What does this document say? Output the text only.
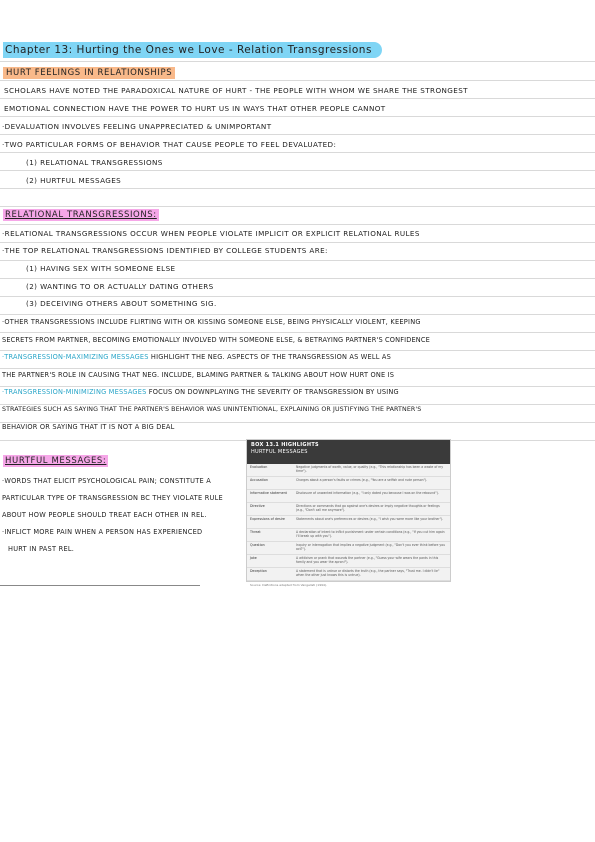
Chapter 13: Hurting the Ones we Love - Relation Transgressions
HURT FEELINGS IN RELATIONSHIPS
SCHOLARS HAVE NOTED THE PARADOXICAL NATURE OF HURT - THE PEOPLE WITH WHOM WE SHARE THE STRONGEST
EMOTIONAL CONNECTION HAVE THE POWER TO HURT US IN WAYS THAT OTHER PEOPLE CANNOT
·DEVALUATION INVOLVES FEELING UNAPPRECIATED & UNIMPORTANT
·TWO PARTICULAR FORMS OF BEHAVIOR THAT CAUSE PEOPLE TO FEEL DEVALUATED:
(1) RELATIONAL TRANSGRESSIONS
(2) HURTFUL MESSAGES
RELATIONAL TRANSGRESSIONS:
·RELATIONAL TRANSGRESSIONS OCCUR WHEN PEOPLE VIOLATE IMPLICIT OR EXPLICIT RELATIONAL RULES
·THE TOP RELATIONAL TRANSGRESSIONS IDENTIFIED BY COLLEGE STUDENTS ARE:
(1) HAVING SEX WITH SOMEONE ELSE
(2) WANTING TO OR ACTUALLY DATING OTHERS
(3) DECEIVING OTHERS ABOUT SOMETHING SIG.
·OTHER TRANSGRESSIONS INCLUDE FLIRTING WITH OR KISSING SOMEONE ELSE, BEING PHYSICALLY VIOLENT, KEEPING
SECRETS FROM PARTNER, BECOMING EMOTIONALLY INVOLVED WITH SOMEONE ELSE, & BETRAYING PARTNER'S CONFIDENCE
·TRANSGRESSION-MAXIMIZING MESSAGES HIGHLIGHT THE NEG. ASPECTS OF THE TRANSGRESSION AS WELL AS
THE PARTNER'S ROLE IN CAUSING THAT NEG. INCLUDE, BLAMING PARTNER & TALKING ABOUT HOW HURT ONE IS
·TRANSGRESSION-MINIMIZING MESSAGES FOCUS ON DOWNPLAYING THE SEVERITY OF TRANSGRESSION BY USING
STRATEGIES SUCH AS SAYING THAT THE PARTNER'S BEHAVIOR WAS UNINTENTIONAL, EXPLAINING OR JUSTIFYING THE PARTNER'S
BEHAVIOR OR SAYING THAT IT IS NOT A BIG DEAL
HURTFUL MESSAGES:
·WORDS THAT ELICIT PSYCHOLOGICAL PAIN; CONSTITUTE A
PARTICULAR TYPE OF TRANSGRESSION BC THEY VIOLATE RULE
ABOUT HOW PEOPLE SHOULD TREAT EACH OTHER IN REL.
·INFLICT MORE PAIN WHEN A PERSON HAS EXPERIENCED
HURT IN PAST REL.
BOX 13.1 HIGHLIGHTS
HURTFUL MESSAGES
Evaluation	Negative judgments of worth, value, or quality (e.g., "This relationship has been a waste of my time").
Accusation	Charges about a person's faults or crimes (e.g., "You are a selfish and rude person").
Informative statement	Disclosure of unwanted information (e.g., "I only dated you because I was on the rebound").
Directive	Directions or commands that go against one's desires or imply negative thoughts or feelings (e.g., "Don't call me anymore").
Expressions of desire	Statements about one's preferences or desires (e.g., "I wish you were more like your brother").
Threat	A declaration of intent to inflict punishment under certain conditions (e.g., "If you cut him again I'll break up with you").
Question	Inquiry or interrogation that implies a negative judgment (e.g., "Don't you ever think before you act?").
Joke	A witticism or prank that wounds the partner (e.g., "Guess your wife wears the pants in this family and you wear the apron!").
Deception	A statement that is untrue or distorts the truth (e.g., the partner says, "Trust me. I didn't lie" when the other just knows this is untrue).
Source: Definitions adapted from Vangelisti (1994).
